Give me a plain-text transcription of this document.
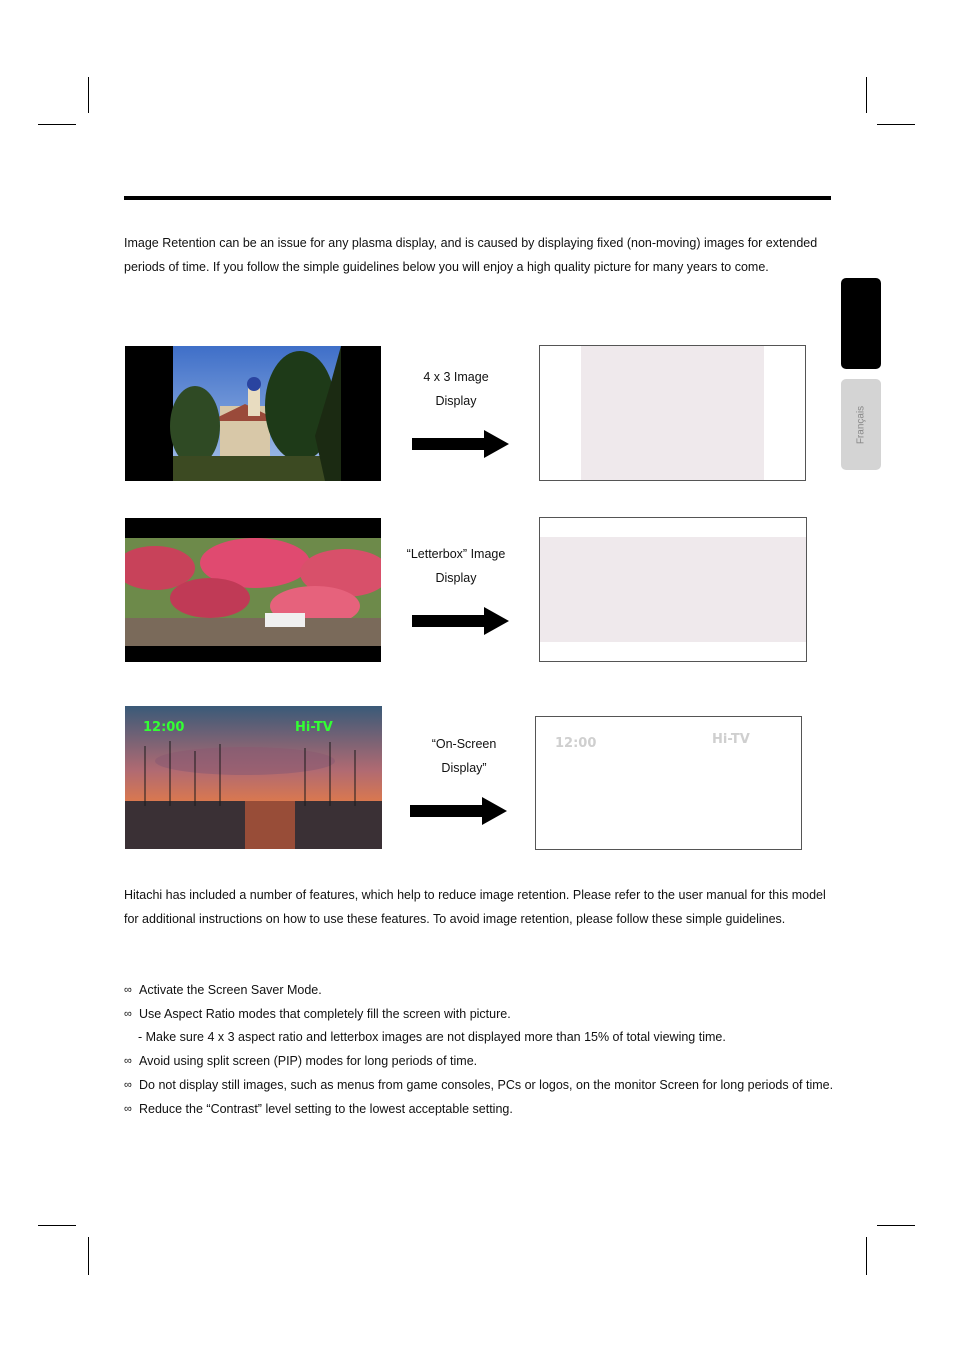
Image Retention can be an issue for any plasma display, and is caused by displaying fixed (non-moving) images for extended periods of time. If you follow the simple guidelines below you will enjoy a high quality picture for many years to come.

Français
4 x 3 Image
Display
“Letterbox” Image
Display
12:00	Hi-TV
“On-Screen
Display”
12:00	Hi-TV

Hitachi has included a number of features, which help to reduce image retention. Please refer to the user manual for this model for additional instructions on how to use these features. To avoid image retention, please follow these simple guidelines.

∞ Activate the Screen Saver Mode.
∞ Use Aspect Ratio modes that completely fill the screen with picture.
- Make sure 4 x 3 aspect ratio and letterbox images are not displayed more than 15% of total viewing time.
∞ Avoid using split screen (PIP) modes for long periods of time.
∞ Do not display still images, such as menus from game consoles, PCs or logos, on the monitor Screen for long periods of time.
∞ Reduce the “Contrast” level setting to the lowest acceptable setting.
